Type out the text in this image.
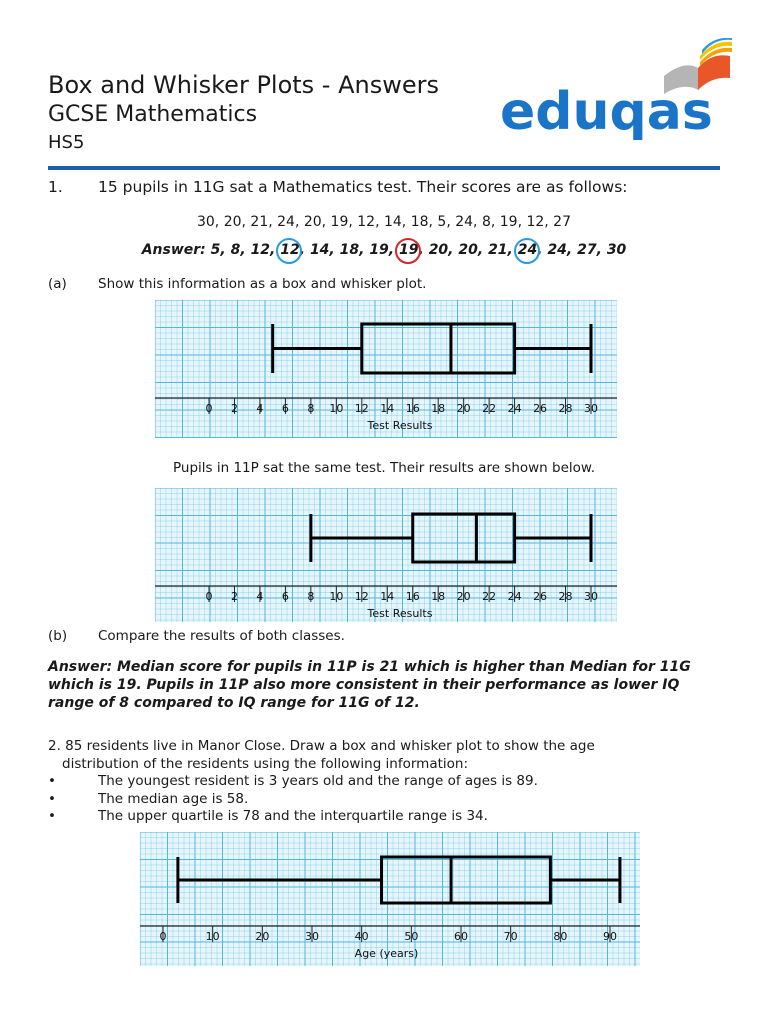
Box and Whisker Plots - Answers
GCSE Mathematics
HS5
eduqas
1. 15 pupils in 11G sat a Mathematics test. Their scores are as follows:
30, 20, 21, 24, 20, 19, 12, 14, 18, 5, 24, 8, 19, 12, 27
Answer: 5, 8, 12, 12
, 14, 18, 19, 19
, 20, 20, 21, 24
, 24, 27, 30
(a) Show this information as a box and whisker plot.
0 2 4 6 8 10 12 14 16 18 20 22 24 26 28 30
Test Results
Pupils in 11P sat the same test. Their results are shown below.
0 2 4 6 8 10 12 14 16 18 20 22 24 26 28 30
Test Results
(b) Compare the results of both classes.
Answer: Median score for pupils in 11P is 21 which is higher than Median for 11G which is 19. Pupils in 11P also more consistent in their performance as lower IQ range of 8 compared to IQ range for 11G of 12.
2. 85 residents live in Manor Close. Draw a box and whisker plot to show the age
distribution of the residents using the following information:
•	The youngest resident is 3 years old and the range of ages is 89.
•	The median age is 58.
•	The upper quartile is 78 and the interquartile range is 34.
0	10	20	30	40	50	60	70	80	90
Age (years)
